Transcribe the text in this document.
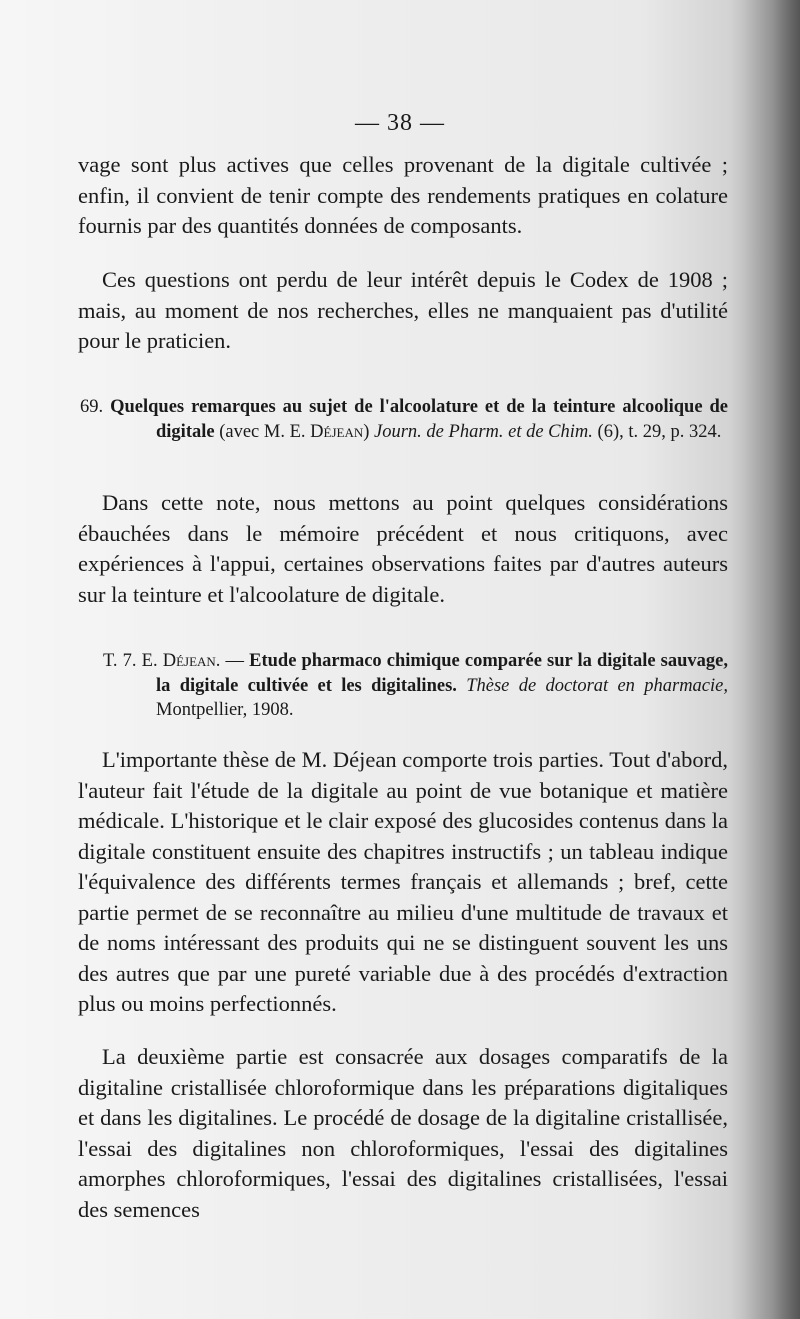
— 38 —

vage sont plus actives que celles provenant de la digitale cultivée ; enfin, il convient de tenir compte des rendements pratiques en colature fournis par des quantités données de composants.

Ces questions ont perdu de leur intérêt depuis le Codex de 1908 ; mais, au moment de nos recherches, elles ne manquaient pas d'utilité pour le praticien.

69. Quelques remarques au sujet de l'alcoolature et de la teinture alcoolique de digitale (avec M. E. Déjean) Journ. de Pharm. et de Chim. (6), t. 29, p. 324.

Dans cette note, nous mettons au point quelques considérations ébauchées dans le mémoire précédent et nous critiquons, avec expériences à l'appui, certaines observations faites par d'autres auteurs sur la teinture et l'alcoolature de digitale.

T. 7. E. Déjean. — Etude pharmaco chimique comparée sur la digitale sauvage, la digitale cultivée et les digitalines. Thèse de doctorat en pharmacie, Montpellier, 1908.

L'importante thèse de M. Déjean comporte trois parties. Tout d'abord, l'auteur fait l'étude de la digitale au point de vue botanique et matière médicale. L'historique et le clair exposé des glucosides contenus dans la digitale constituent ensuite des chapitres instructifs ; un tableau indique l'équivalence des différents termes français et allemands ; bref, cette partie permet de se reconnaître au milieu d'une multitude de travaux et de noms intéressant des produits qui ne se distinguent souvent les uns des autres que par une pureté variable due à des procédés d'extraction plus ou moins perfectionnés.

La deuxième partie est consacrée aux dosages comparatifs de la digitaline cristallisée chloroformique dans les préparations digitaliques et dans les digitalines. Le procédé de dosage de la digitaline cristallisée, l'essai des digitalines non chloroformiques, l'essai des digitalines amorphes chloroformiques, l'essai des digitalines cristallisées, l'essai des semences
